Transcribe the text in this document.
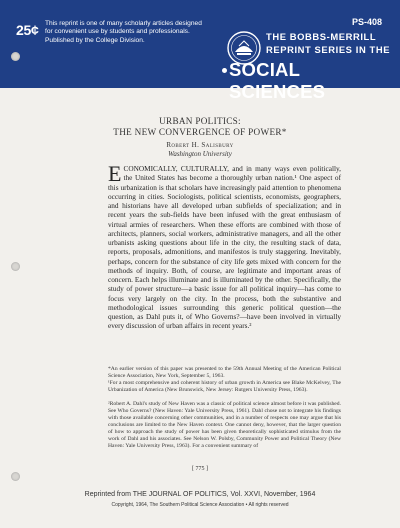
25¢ This reprint is one of many scholarly articles designed for convenient use by students and professionals. Published by the College Division.
PS-408
THE BOBBS-MERRILL
REPRINT SERIES IN THE
SOCIAL SCIENCES
URBAN POLITICS:
THE NEW CONVERGENCE OF POWER*
Robert H. Salisbury
Washington University

ECONOMICALLY, CULTURALLY, and in many ways even politically, the United States has become a thoroughly urban nation.¹ One aspect of this urbanization is that scholars have increasingly paid attention to phenomena occurring in cities. Sociologists, political scientists, economists, geographers, and historians have all developed urban subfields of specialization; and in recent years the sub-fields have been infused with the great enthusiasm of virtual armies of researchers. When these efforts are combined with those of architects, planners, social workers, administrative managers, and all the other urbanists asking questions about life in the city, the resulting stack of data, reports, proposals, admonitions, and manifestos is truly staggering. Inevitably, perhaps, concern for the substance of city life gets mixed with concern for the methods of inquiry. Both, of course, are legitimate and important areas of concern. Each helps illuminate and is illuminated by the other. Specifically, the study of power structure—a basic issue for all political inquiry—has come to focus very largely on the city. In the process, both the substantive and methodological issues surrounding this generic political question—the question, as Dahl puts it, of Who Governs?—have been involved in virtually every discussion of urban affairs in recent years.²

*An earlier version of this paper was presented to the 59th Annual Meeting of the American Political Science Association, New York, September 5, 1963.

¹For a most comprehensive and coherent history of urban growth in America see Blake McKelvey, The Urbanization of America (New Brunswick, New Jersey: Rutgers University Press, 1963).

²Robert A. Dahl's study of New Haven was a classic of political science almost before it was published. See Who Governs? (New Haven: Yale University Press, 1961). Dahl chose not to integrate his findings with those available concerning other communities, and in a number of respects one may argue that his conclusions are limited to the New Haven context. One cannot deny, however, that the larger question of how to approach the study of power has been given theoretically sophisticated stimulus from the work of Dahl and his associates. See Nelson W. Polsby, Community Power and Political Theory (New Haven: Yale University Press, 1963). For a convenient summary of

[ 775 ]
Reprinted from THE JOURNAL OF POLITICS, Vol. XXVI, November, 1964
Copyright, 1964, The Southern Political Science Association • All rights reserved
